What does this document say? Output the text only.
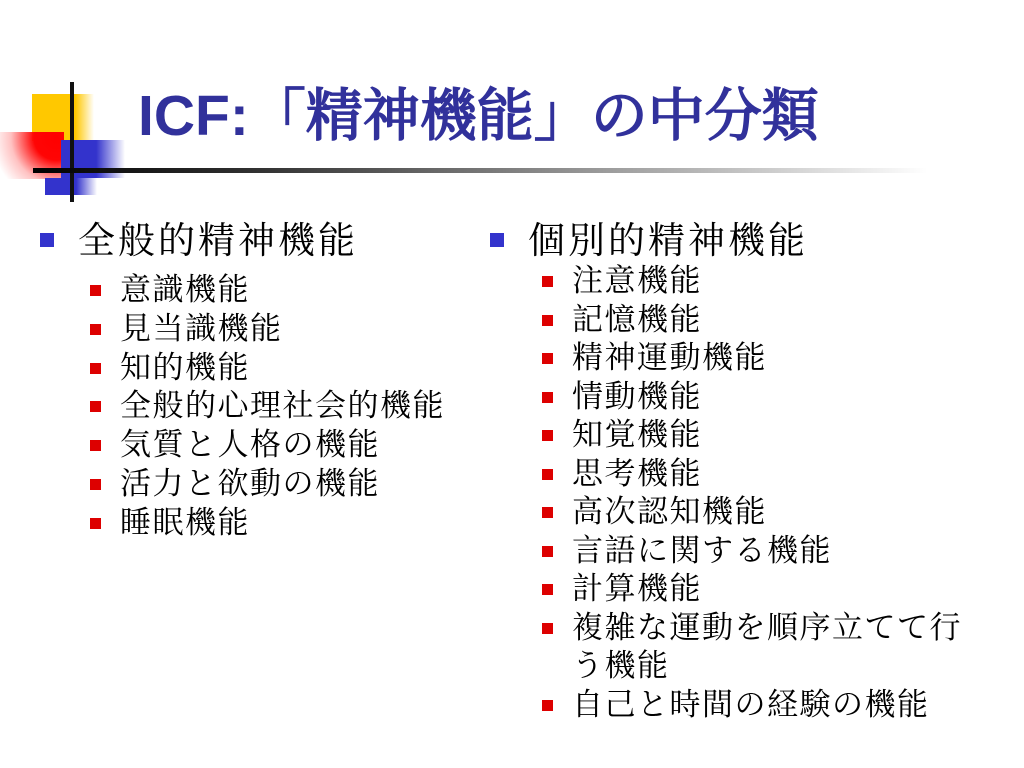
ICF:「精神機能」の中分類
全般的精神機能
意識機能
見当識機能
知的機能
全般的心理社会的機能
気質と人格の機能
活力と欲動の機能
睡眠機能
個別的精神機能
注意機能
記憶機能
精神運動機能
情動機能
知覚機能
思考機能
高次認知機能
言語に関する機能
計算機能
複雑な運動を順序立てて行う機能
自己と時間の経験の機能
